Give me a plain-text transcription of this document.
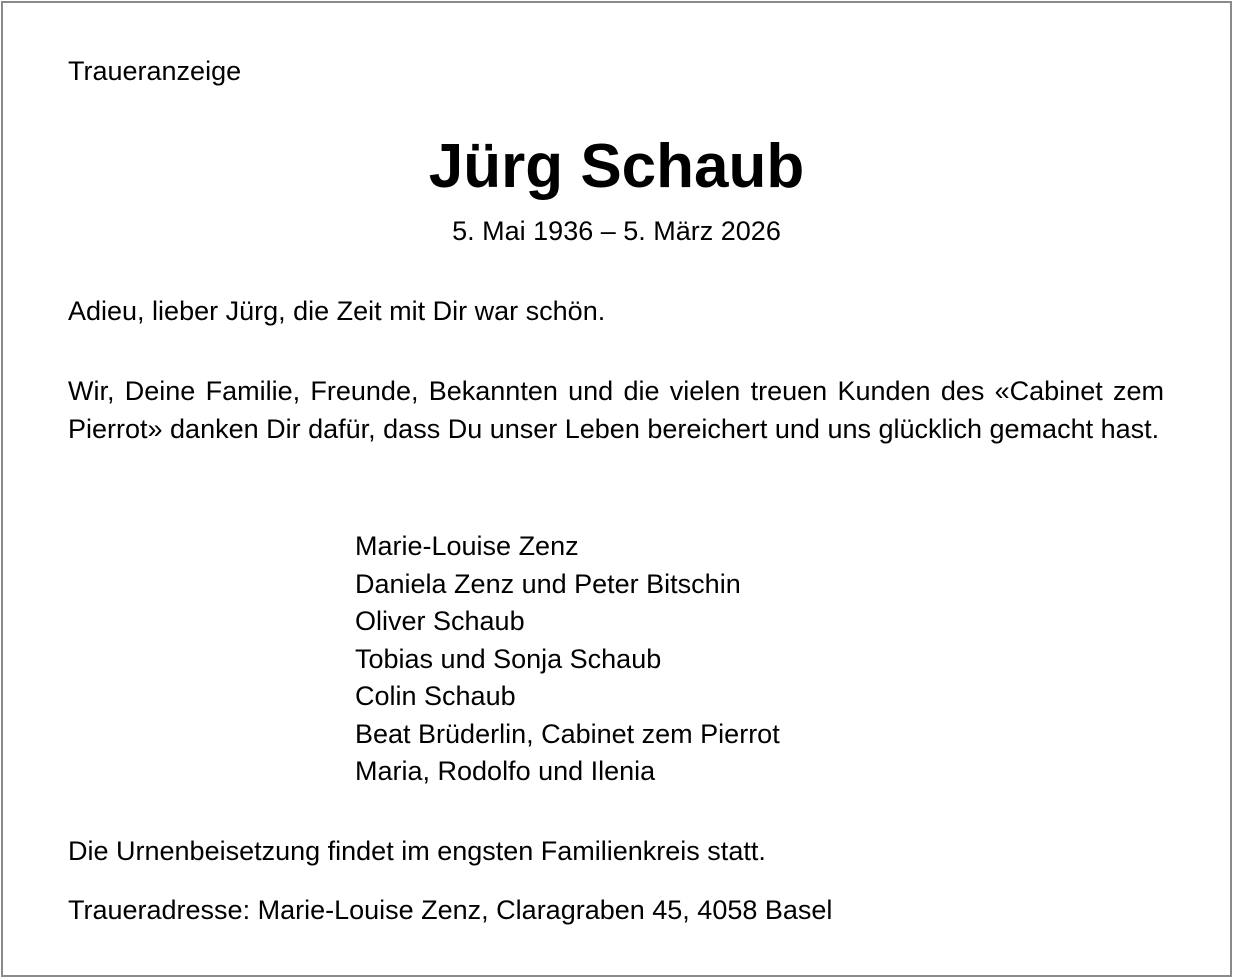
Traueranzeige
Jürg Schaub
5. Mai 1936 – 5. März 2026

Adieu, lieber Jürg, die Zeit mit Dir war schön.

Wir, Deine Familie, Freunde, Bekannten und die vielen treuen Kunden des «Cabinet zem Pierrot» danken Dir dafür, dass Du unser Leben bereichert und uns glücklich gemacht hast.

Marie-Louise Zenz
Daniela Zenz und Peter Bitschin
Oliver Schaub
Tobias und Sonja Schaub
Colin Schaub
Beat Brüderlin, Cabinet zem Pierrot
Maria, Rodolfo und Ilenia

Die Urnenbeisetzung findet im engsten Familienkreis statt.

Traueradresse: Marie-Louise Zenz, Claragraben 45, 4058 Basel
